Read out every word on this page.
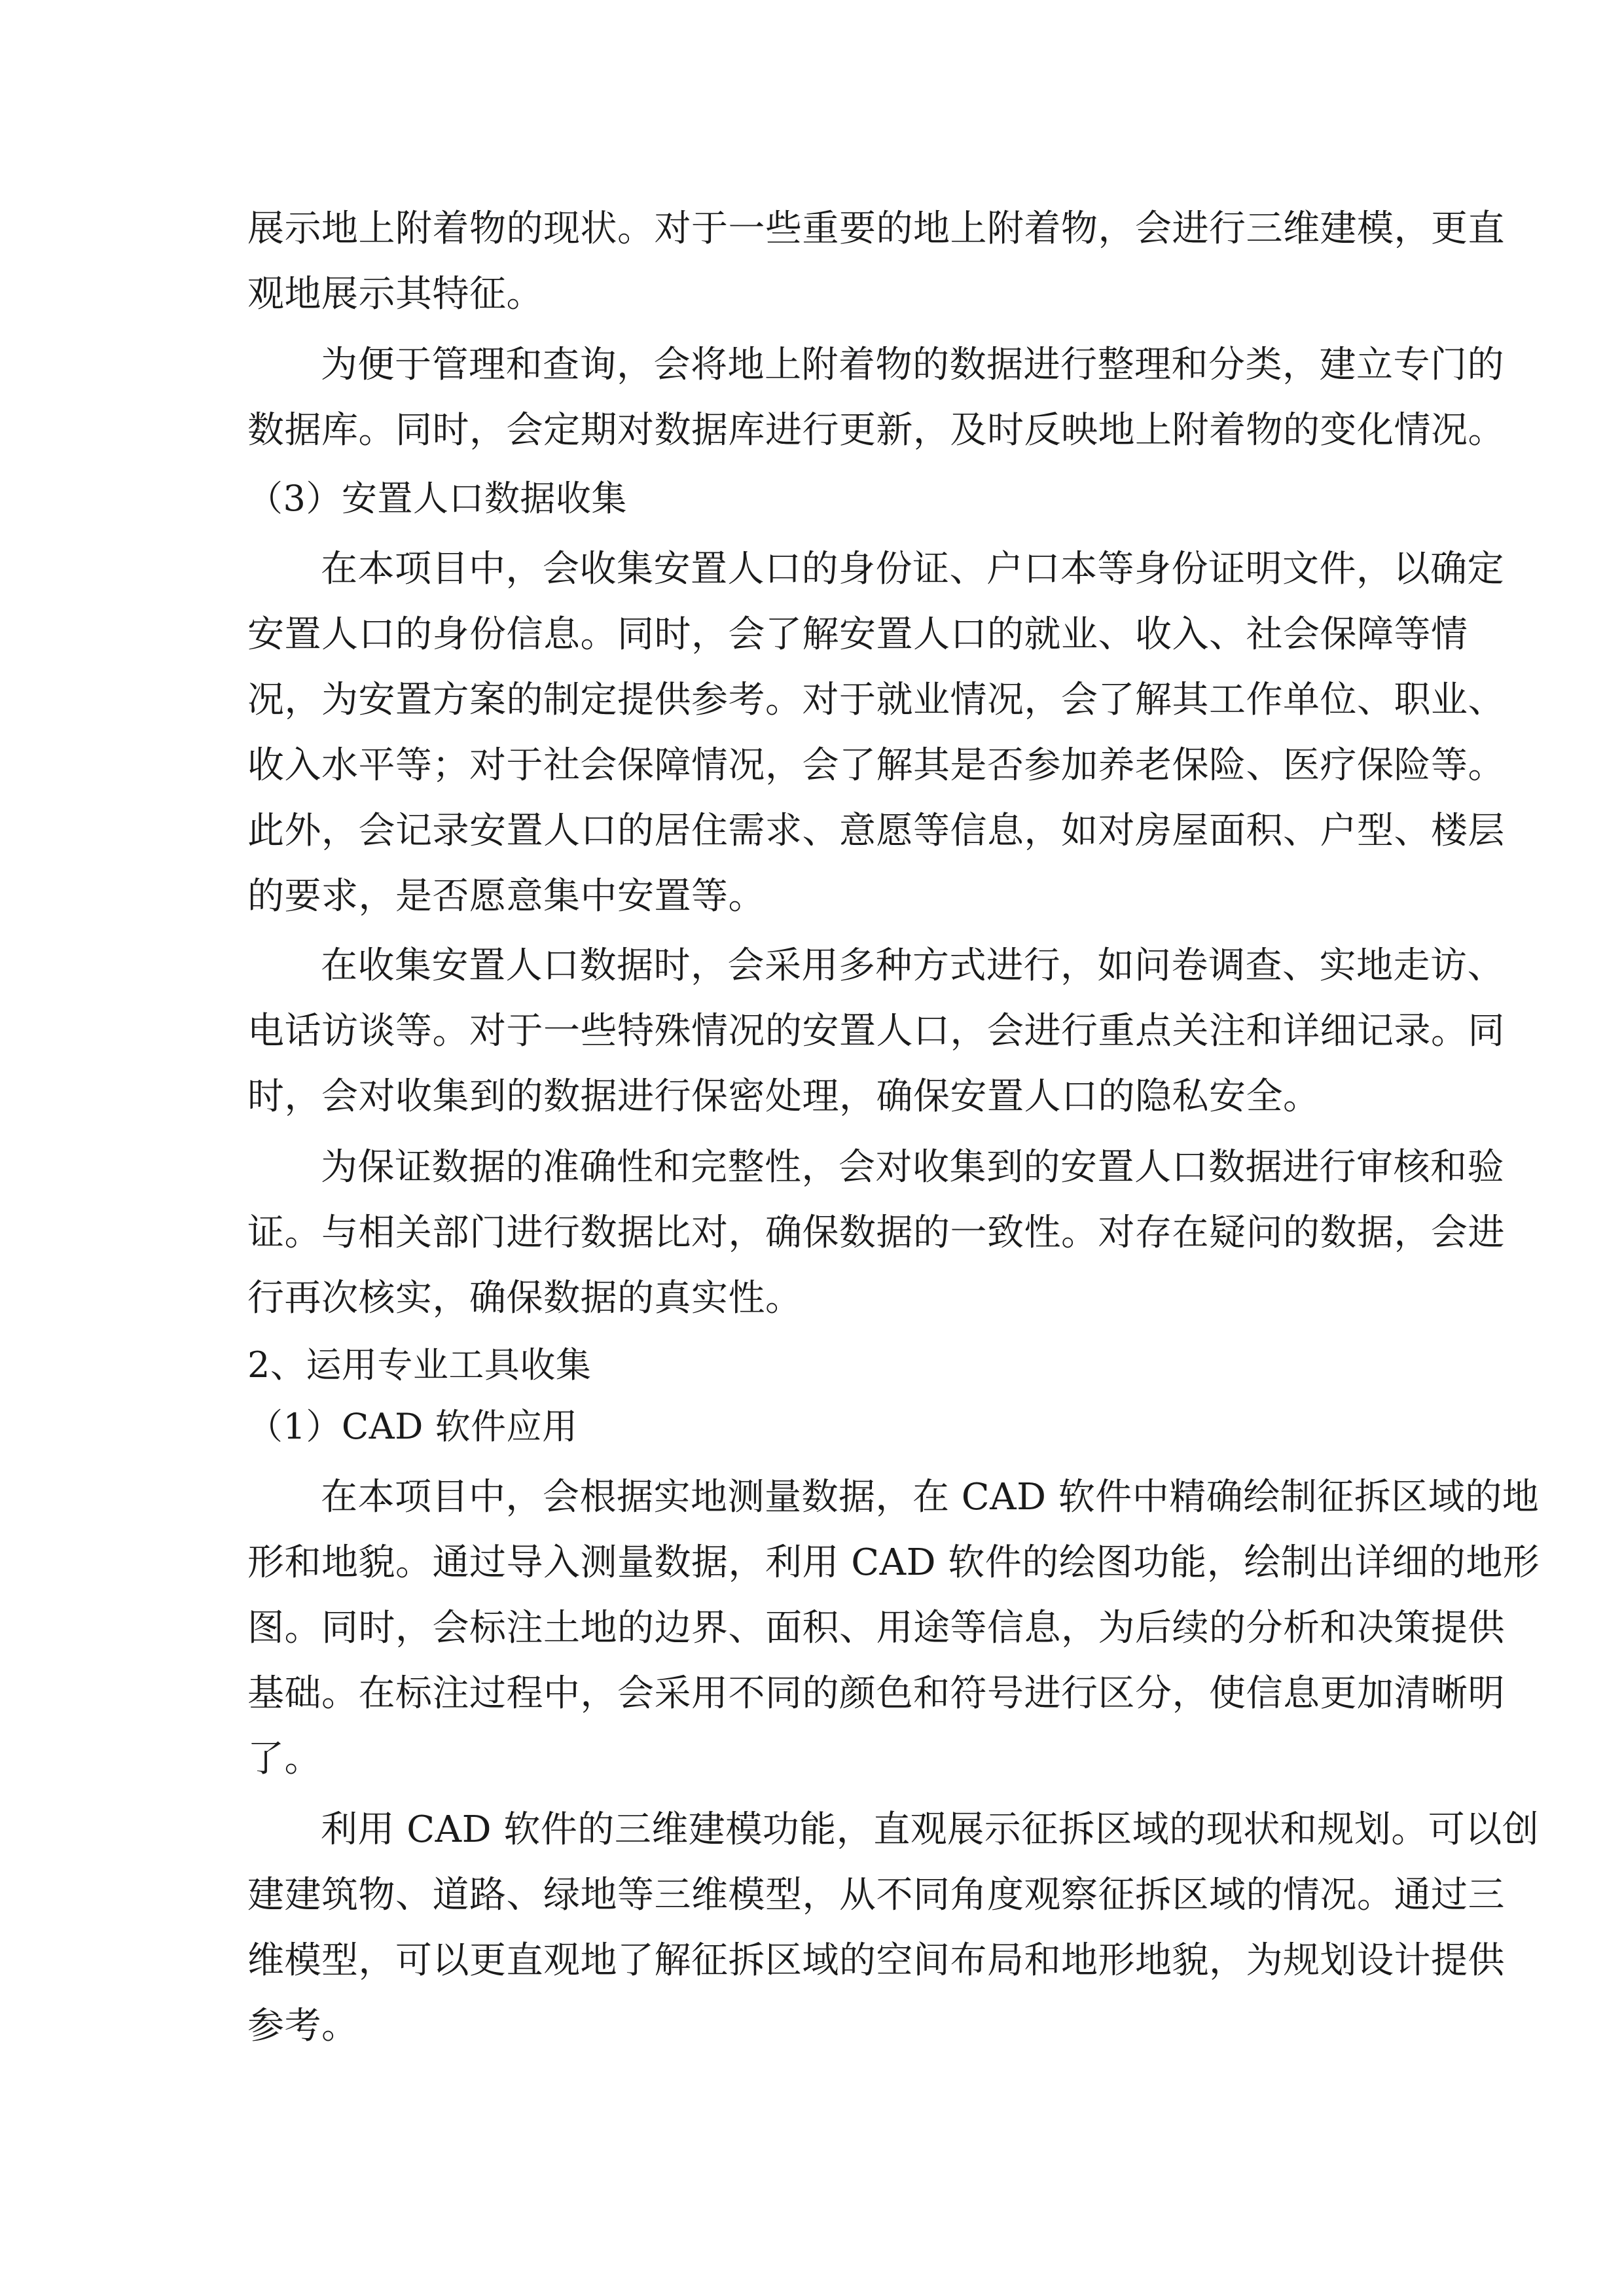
展示地上附着物的现状。对于一些重要的地上附着物，会进行三维建模，更直
观地展示其特征。
为便于管理和查询，会将地上附着物的数据进行整理和分类，建立专门的
数据库。同时，会定期对数据库进行更新，及时反映地上附着物的变化情况。
（3）安置人口数据收集
在本项目中，会收集安置人口的身份证、户口本等身份证明文件，以确定
安置人口的身份信息。同时，会了解安置人口的就业、收入、社会保障等情
况，为安置方案的制定提供参考。对于就业情况，会了解其工作单位、职业、
收入水平等；对于社会保障情况，会了解其是否参加养老保险、医疗保险等。
此外，会记录安置人口的居住需求、意愿等信息，如对房屋面积、户型、楼层
的要求，是否愿意集中安置等。
在收集安置人口数据时，会采用多种方式进行，如问卷调查、实地走访、
电话访谈等。对于一些特殊情况的安置人口，会进行重点关注和详细记录。同
时，会对收集到的数据进行保密处理，确保安置人口的隐私安全。
为保证数据的准确性和完整性，会对收集到的安置人口数据进行审核和验
证。与相关部门进行数据比对，确保数据的一致性。对存在疑问的数据，会进
行再次核实，确保数据的真实性。
2、运用专业工具收集
（1）CAD 软件应用
在本项目中，会根据实地测量数据，在 CAD 软件中精确绘制征拆区域的地
形和地貌。通过导入测量数据，利用 CAD 软件的绘图功能，绘制出详细的地形
图。同时，会标注土地的边界、面积、用途等信息，为后续的分析和决策提供
基础。在标注过程中，会采用不同的颜色和符号进行区分，使信息更加清晰明
了。
利用 CAD 软件的三维建模功能，直观展示征拆区域的现状和规划。可以创
建建筑物、道路、绿地等三维模型，从不同角度观察征拆区域的情况。通过三
维模型，可以更直观地了解征拆区域的空间布局和地形地貌，为规划设计提供
参考。
